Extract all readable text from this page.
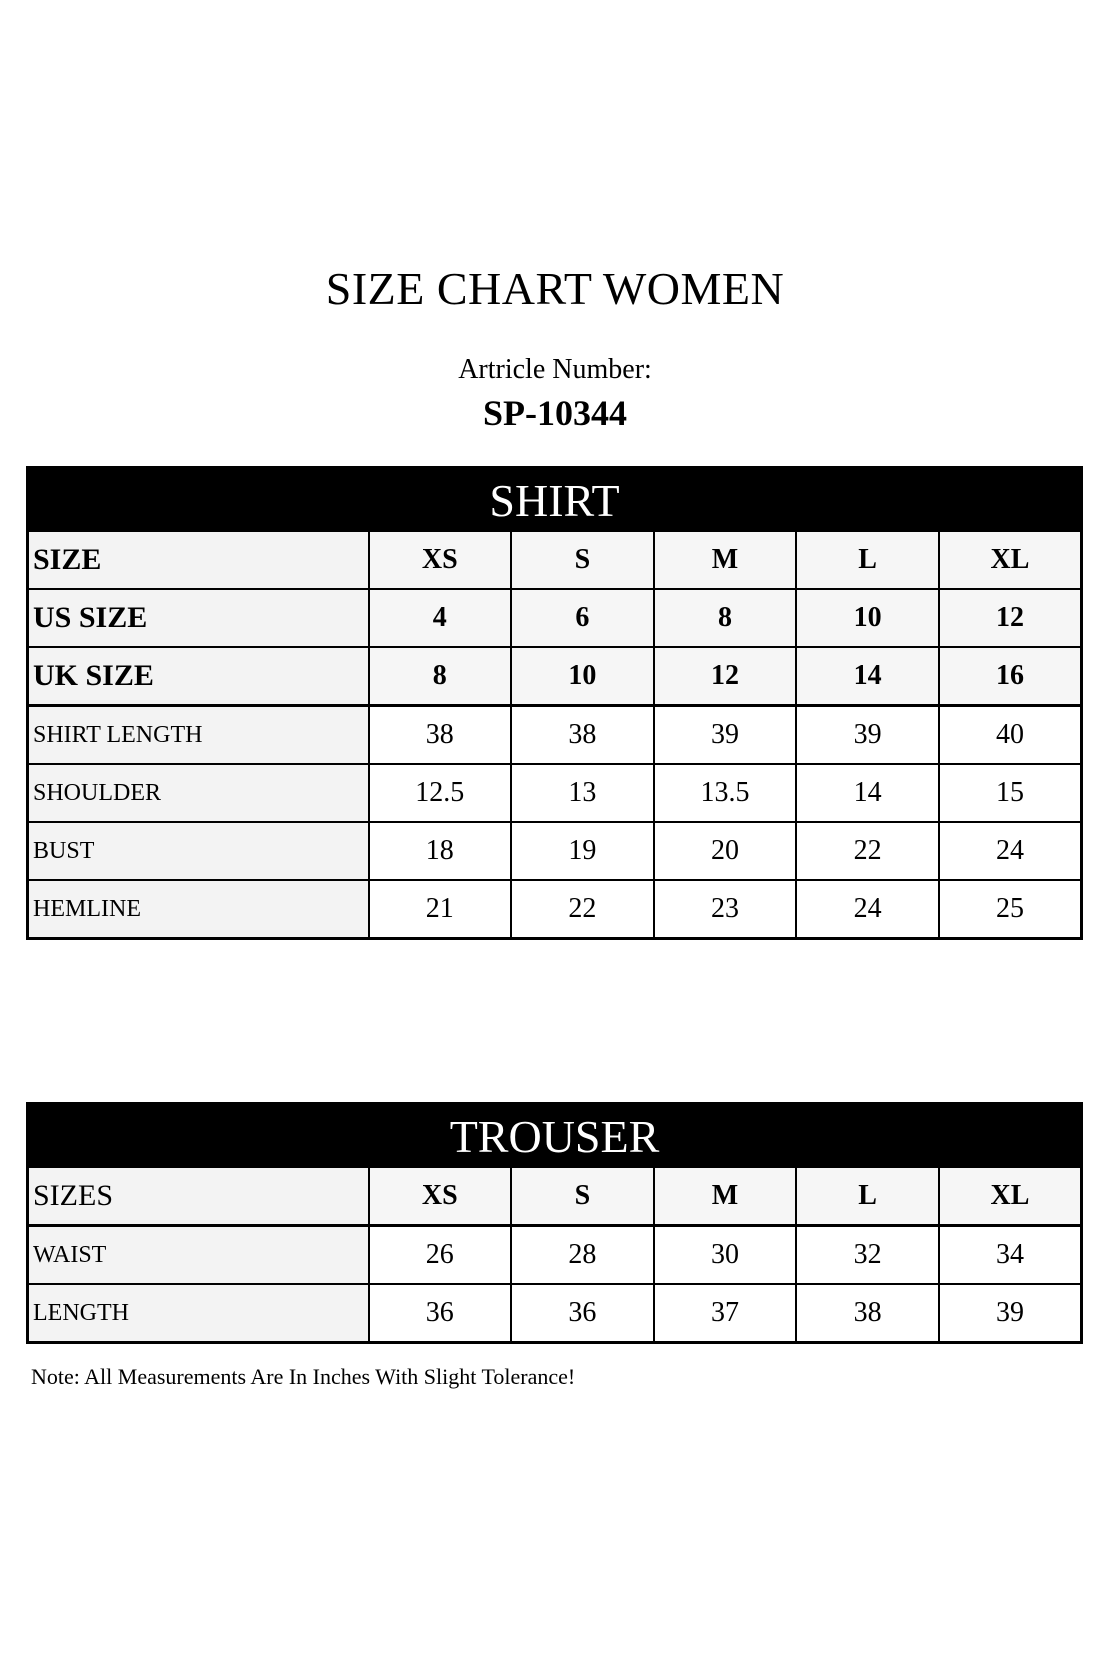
SIZE CHART WOMEN
Artricle Number:
SP-10344
SHIRT
SIZE	XS	S	M	L	XL
US SIZE	4	6	8	10	12
UK SIZE	8	10	12	14	16
SHIRT LENGTH	38	38	39	39	40
SHOULDER	12.5	13	13.5	14	15
BUST	18	19	20	22	24
HEMLINE	21	22	23	24	25
TROUSER
SIZES	XS	S	M	L	XL
WAIST	26	28	30	32	34
LENGTH	36	36	37	38	39
Note: All Measurements Are In Inches With Slight Tolerance!
